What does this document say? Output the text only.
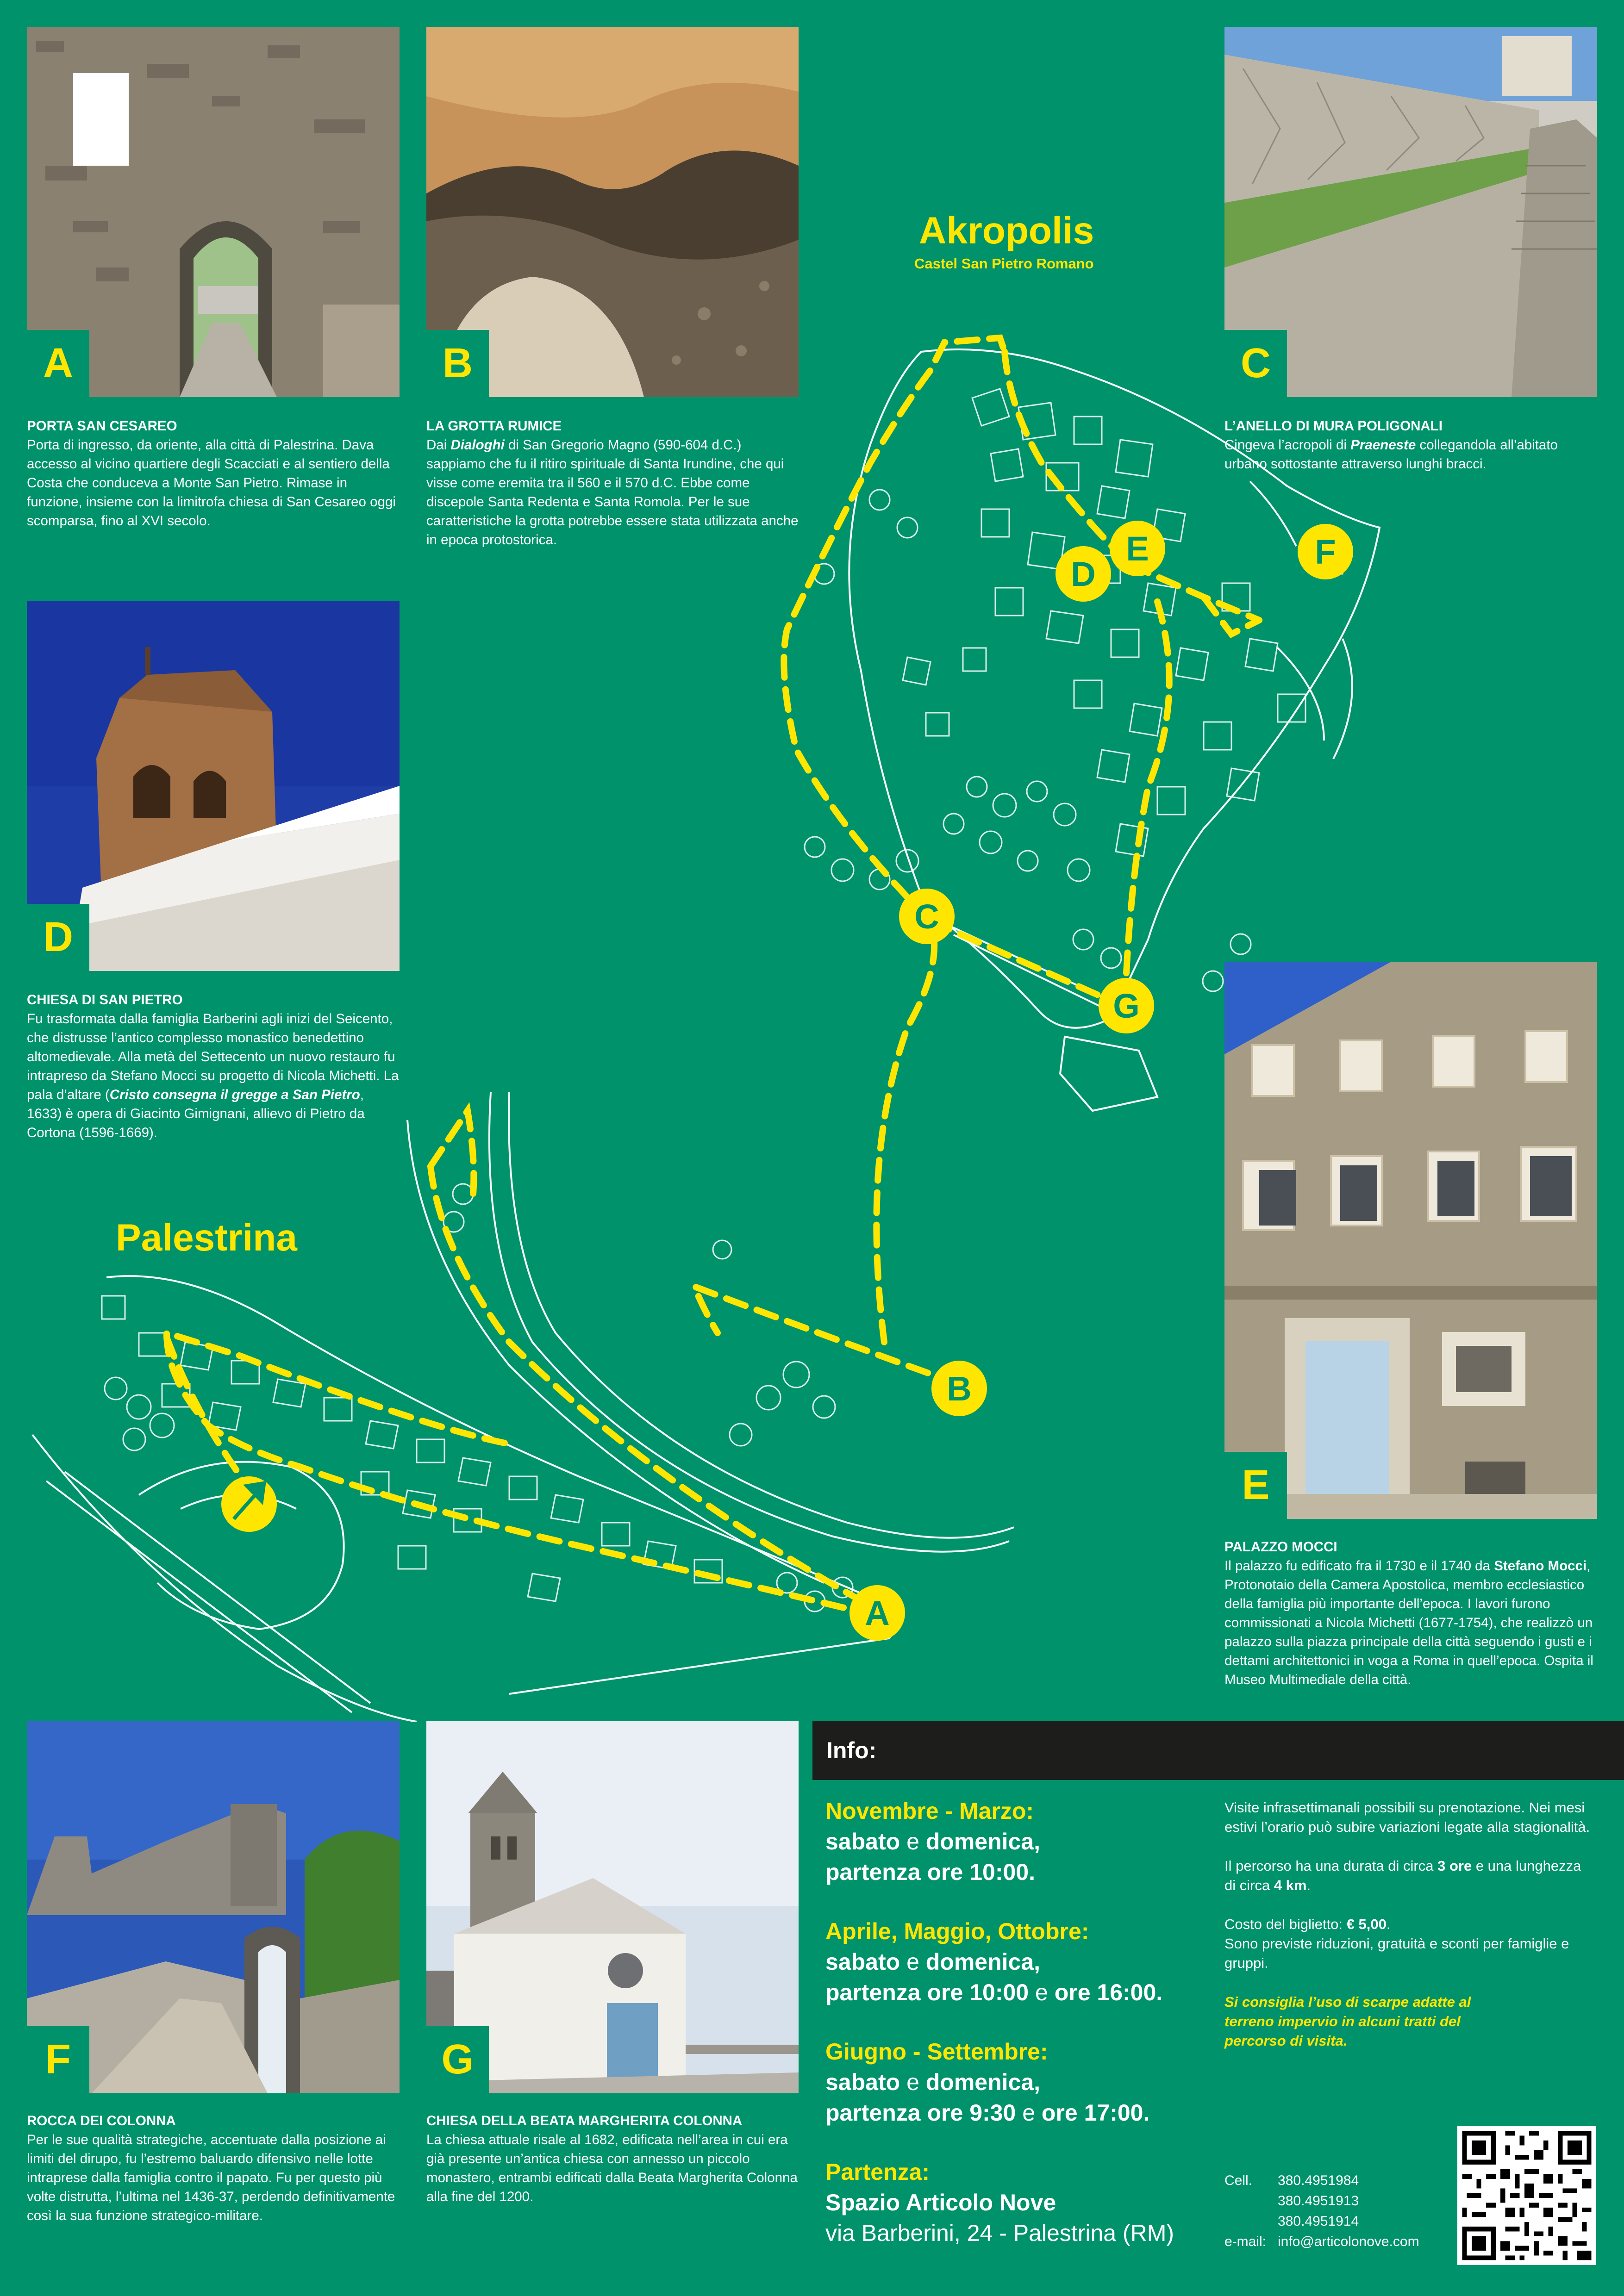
A	B	C
D
E
F	G
PORTA SAN CESAREO
Porta di ingresso, da oriente, alla città di Palestrina. Dava accesso al vicino quartiere degli Scacciati e al sentiero della Costa che conduceva a Monte San Pietro. Rimase in funzione, insieme con la limitrofa chiesa di San Cesareo oggi scomparsa, fino al XVI secolo.
LA GROTTA RUMICE
Dai Dialoghi di San Gregorio Magno (590-604 d.C.) sappiamo che fu il ritiro spirituale di Santa Irundine, che qui visse come eremita tra il 560 e il 570 d.C. Ebbe come discepole Santa Redenta e Santa Romola. Per le sue caratteristiche la grotta potrebbe essere stata utilizzata anche in epoca protostorica.
L’ANELLO DI MURA POLIGONALI
Cingeva l’acropoli di Praeneste collegandola all’abitato urbano sottostante attraverso lunghi bracci.
CHIESA DI SAN PIETRO
Fu trasformata dalla famiglia Barberini agli inizi del Seicento, che distrusse l’antico complesso monastico benedettino altomedievale. Alla metà del Settecento un nuovo restauro fu intrapreso da Stefano Mocci su progetto di Nicola Michetti. La pala d’altare (Cristo consegna il gregge a San Pietro, 1633) è opera di Giacinto Gimignani, allievo di Pietro da Cortona (1596-1669).
PALAZZO MOCCI
Il palazzo fu edificato fra il 1730 e il 1740 da Stefano Mocci, Protonotaio della Camera Apostolica, membro ecclesiastico della famiglia più importante dell’epoca. I lavori furono commissionati a Nicola Michetti (1677-1754), che realizzò un palazzo sulla piazza principale della città seguendo i gusti e i dettami architettonici in voga a Roma in quell’epoca. Ospita il Museo Multimediale della città.
ROCCA DEI COLONNA
Per le sue qualità strategiche, accentuate dalla posizione ai limiti del dirupo, fu l’estremo baluardo difensivo nelle lotte intraprese dalla famiglia contro il papato. Fu per questo più volte distrutta, l’ultima nel 1436-37, perdendo definitivamente così la sua funzione strategico-militare.
CHIESA DELLA BEATA MARGHERITA COLONNA
La chiesa attuale risale al 1682, edificata nell’area in cui era già presente un’antica chiesa con annesso un piccolo monastero, entrambi edificati dalla Beata Margherita Colonna alla fine del 1200.
Akropolis
Castel San Pietro Romano
Palestrina
A
B
C
D
E	F
G
Info:
Novembre - Marzo:
sabato e domenica,
partenza ore 10:00.
Aprile, Maggio, Ottobre:
sabato e domenica,
partenza ore 10:00 e ore 16:00.
Giugno - Settembre:
sabato e domenica,
partenza ore 9:30 e ore 17:00.
Partenza:
Spazio Articolo Nove
via Barberini, 24 - Palestrina (RM)

Visite infrasettimanali possibili su prenotazione. Nei mesi estivi l’orario può subire variazioni legate alla stagionalità.

Il percorso ha una durata di circa 3 ore e una lunghezza di circa 4 km.

Costo del biglietto: € 5,00.
Sono previste riduzioni, gratuità e sconti per famiglie e gruppi.

Si consiglia l’uso di scarpe adatte al terreno impervio in alcuni tratti del percorso di visita.

Cell.	380.4951984
	380.4951913
	380.4951914
e-mail:	info@articolonove.com
